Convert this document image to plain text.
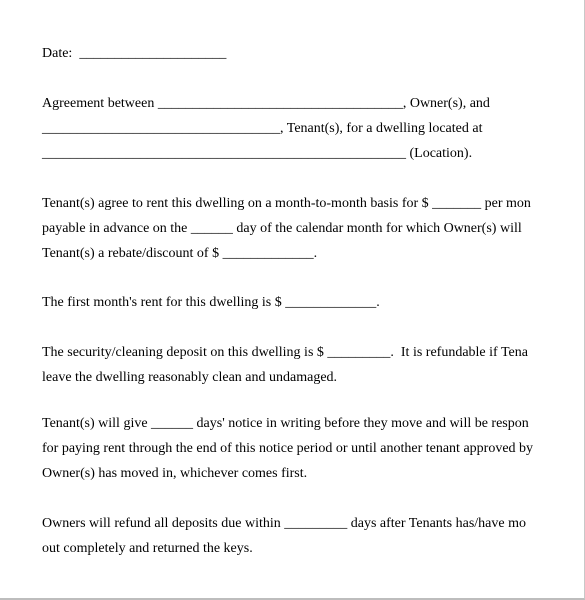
Date:  _____________________
Agreement between ___________________________________, Owner(s), and
__________________________________, Tenant(s), for a dwelling located at
____________________________________________________ (Location).
Tenant(s) agree to rent this dwelling on a month-to-month basis for $ _______ per mon
payable in advance on the ______ day of the calendar month for which Owner(s) will
Tenant(s) a rebate/discount of $ _____________.
The first month's rent for this dwelling is $ _____________.
The security/cleaning deposit on this dwelling is $ _________.  It is refundable if Tena
leave the dwelling reasonably clean and undamaged.
Tenant(s) will give ______ days' notice in writing before they move and will be respon
for paying rent through the end of this notice period or until another tenant approved by
Owner(s) has moved in, whichever comes first.
Owners will refund all deposits due within _________ days after Tenants has/have mo
out completely and returned the keys.
